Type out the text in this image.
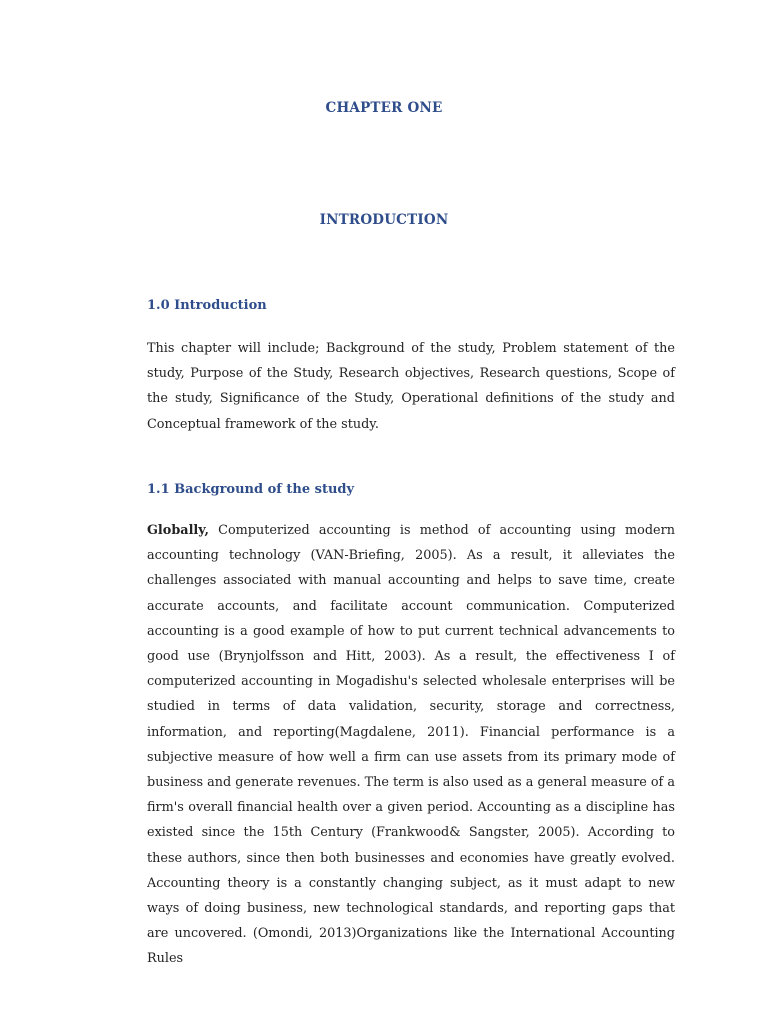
CHAPTER ONE
INTRODUCTION
1.0 Introduction
This chapter will include; Background of the study, Problem statement of the study, Purpose of the Study, Research objectives, Research questions, Scope of the study, Significance of the Study, Operational definitions of the study and Conceptual framework of the study.
1.1 Background of the study
Globally, Computerized accounting is method of accounting using modern accounting technology (VAN-Briefing, 2005). As a result, it alleviates the challenges associated with manual accounting and helps to save time, create accurate accounts, and facilitate account communication. Computerized accounting is a good example of how to put current technical advancements to good use (Brynjolfsson and Hitt, 2003). As a result, the effectiveness I of computerized accounting in Mogadishu's selected wholesale enterprises will be studied in terms of data validation, security, storage and correctness, information, and reporting(Magdalene, 2011). Financial performance is a subjective measure of how well a firm can use assets from its primary mode of business and generate revenues. The term is also used as a general measure of a firm's overall financial health over a given period. Accounting as a discipline has existed since the 15th Century (Frankwood& Sangster, 2005). According to these authors, since then both businesses and economies have greatly evolved. Accounting theory is a constantly changing subject, as it must adapt to new ways of doing business, new technological standards, and reporting gaps that are uncovered. (Omondi, 2013)Organizations like the International Accounting Rules
